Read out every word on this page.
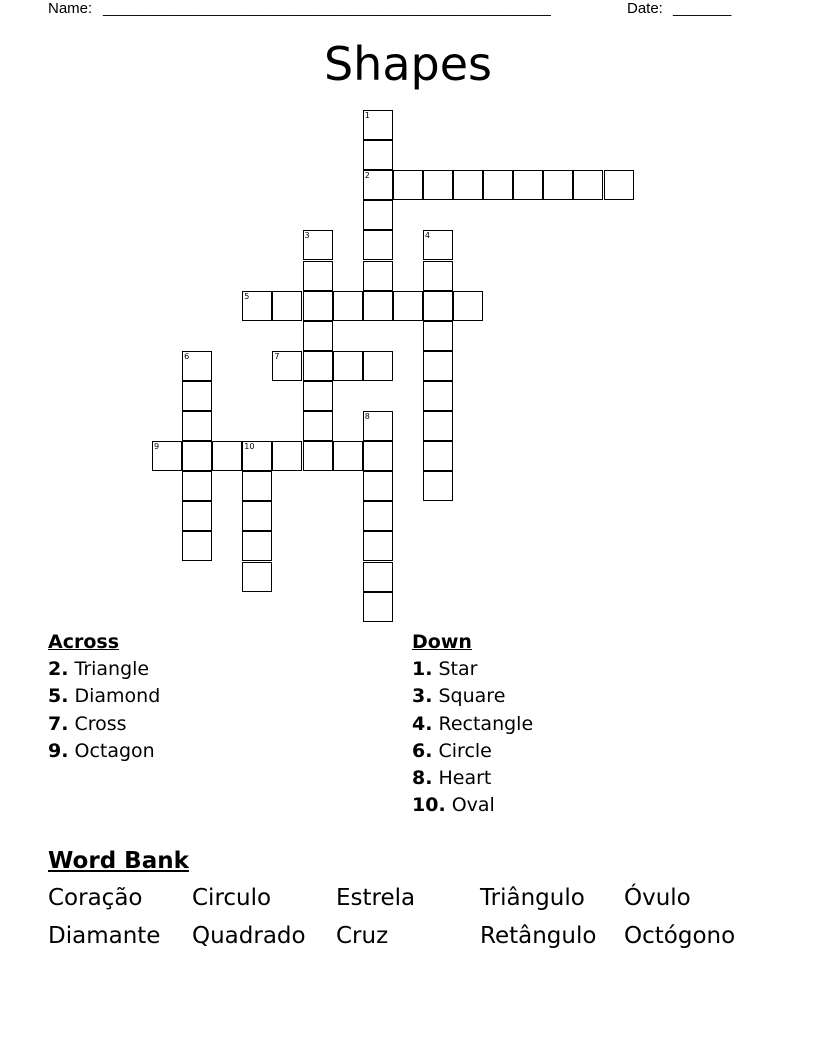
Name: ______________________________________________________	Date: _______
Shapes
1
2
3	4
5
6	7
8
9	10
Across
2. Triangle
5. Diamond
7. Cross
9. Octagon
Down
1. Star
3. Square
4. Rectangle
6. Circle
8. Heart
10. Oval
Word Bank
Coração Circulo	Estrela	Triângulo Óvulo
Diamante Quadrado Cruz	Retângulo Octógono
